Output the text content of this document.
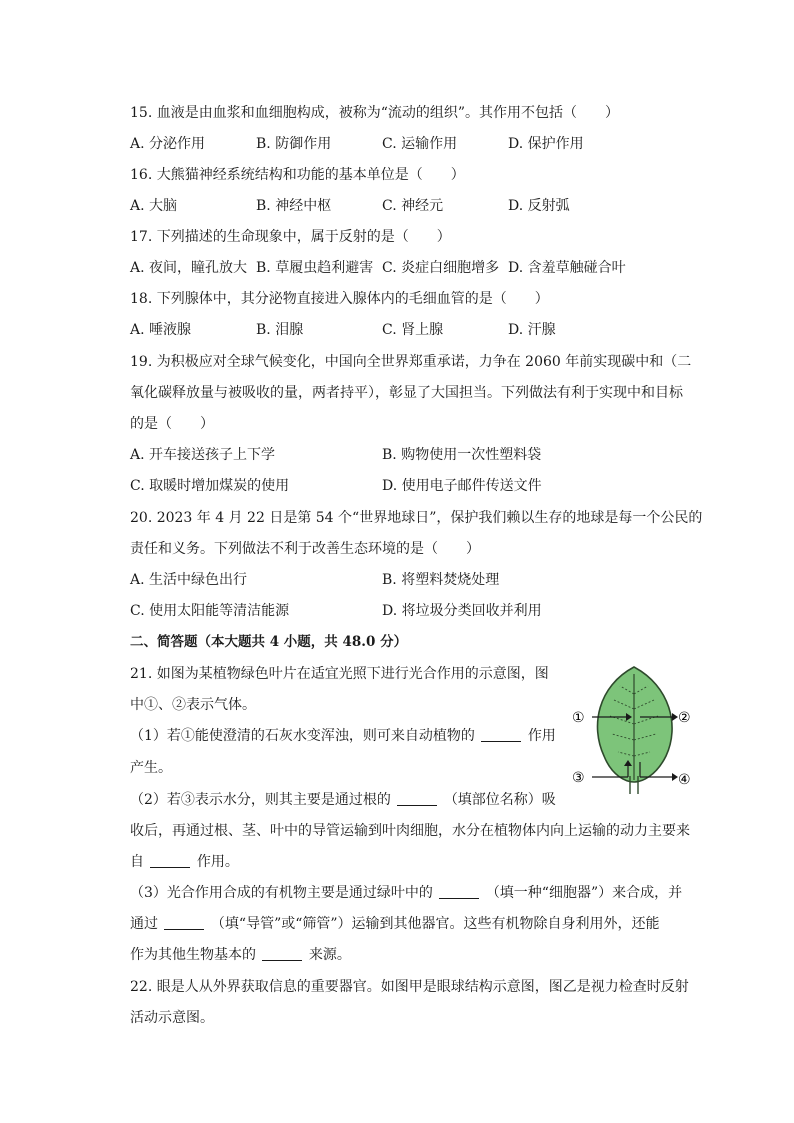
15. 血液是由血浆和血细胞构成，被称为“流动的组织”。其作用不包括（　　）
A. 分泌作用	B. 防御作用	C. 运输作用	D. 保护作用
16. 大熊猫神经系统结构和功能的基本单位是（　　）
A. 大脑	B. 神经中枢	C. 神经元	D. 反射弧
17. 下列描述的生命现象中，属于反射的是（　　）
A. 夜间，瞳孔放大 B. 草履虫趋利避害 C. 炎症白细胞增多 D. 含羞草触碰合叶
18. 下列腺体中，其分泌物直接进入腺体内的毛细血管的是（　　）
A. 唾液腺	B. 泪腺	C. 肾上腺	D. 汗腺
19. 为积极应对全球气候变化，中国向全世界郑重承诺，力争在 2060 年前实现碳中和（二
氧化碳释放量与被吸收的量，两者持平），彰显了大国担当。下列做法有利于实现中和目标
的是（　　）
A. 开车接送孩子上下学	B. 购物使用一次性塑料袋
C. 取暖时增加煤炭的使用	D. 使用电子邮件传送文件
20. 2023 年 4 月 22 日是第 54 个“世界地球日”，保护我们赖以生存的地球是每一个公民的
责任和义务。下列做法不利于改善生态环境的是（　　）
A. 生活中绿色出行	B. 将塑料焚烧处理
C. 使用太阳能等清洁能源	D. 将垃圾分类回收并利用
二、简答题（本大题共 4 小题，共 48.0 分）
21. 如图为某植物绿色叶片在适宜光照下进行光合作用的示意图，图
中①、②表示气体。
（1）若①能使澄清的石灰水变浑浊，则可来自动植物的	作用
产生。
（2）若③表示水分，则其主要是通过根的	（填部位名称）吸
收后，再通过根、茎、叶中的导管运输到叶肉细胞，水分在植物体内向上运输的动力主要来
自	作用。
（3）光合作用合成的有机物主要是通过绿叶中的	（填一种“细胞器”）来合成，并
通过	（填“导管”或“筛管”）运输到其他器官。这些有机物除自身利用外，还能
作为其他生物基本的	来源。
①	②
③	④
22. 眼是人从外界获取信息的重要器官。如图甲是眼球结构示意图，图乙是视力检查时反射
活动示意图。
